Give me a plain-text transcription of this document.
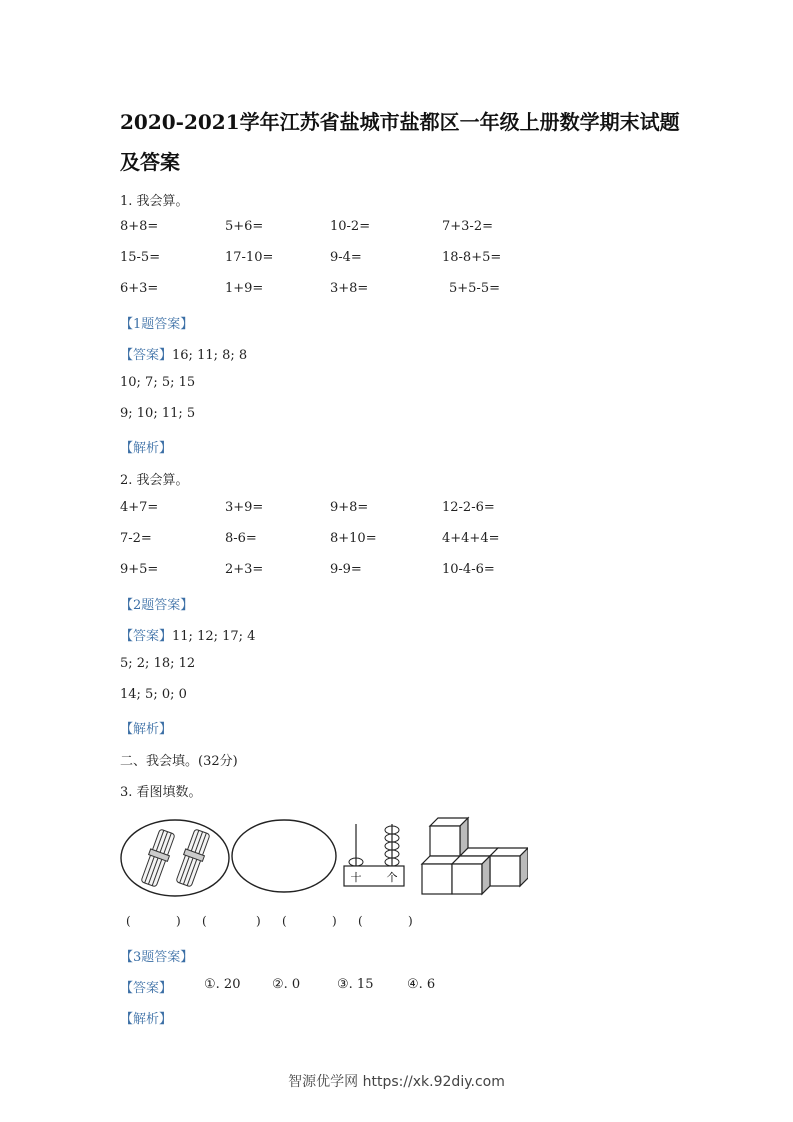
2020-2021学年江苏省盐城市盐都区一年级上册数学期末试题及答案
1. 我会算。
8+8=	5+6=	10-2=	7+3-2=
15-5=	17-10=	9-4=	18-8+5=
6+3=	1+9=	3+8=	5+5-5=
【1题答案】
【答案】16; 11; 8; 8
10; 7; 5; 15
9; 10; 11; 5
【解析】
2. 我会算。
4+7=	3+9=	9+8=	12-2-6=
7-2=	8-6=	8+10=	4+4+4=
9+5=	2+3=	9-9=	10-4-6=
【2题答案】
【答案】11; 12; 17; 4
5; 2; 18; 12
14; 5; 0; 0
【解析】
二、我会填。(32分)
3. 看图填数。
十 个
(	) (	) (	) (	)
【3题答案】
【答案】 ①. 20 ②. 0	③. 15	④. 6
【解析】
智源优学网 https://xk.92diy.com
